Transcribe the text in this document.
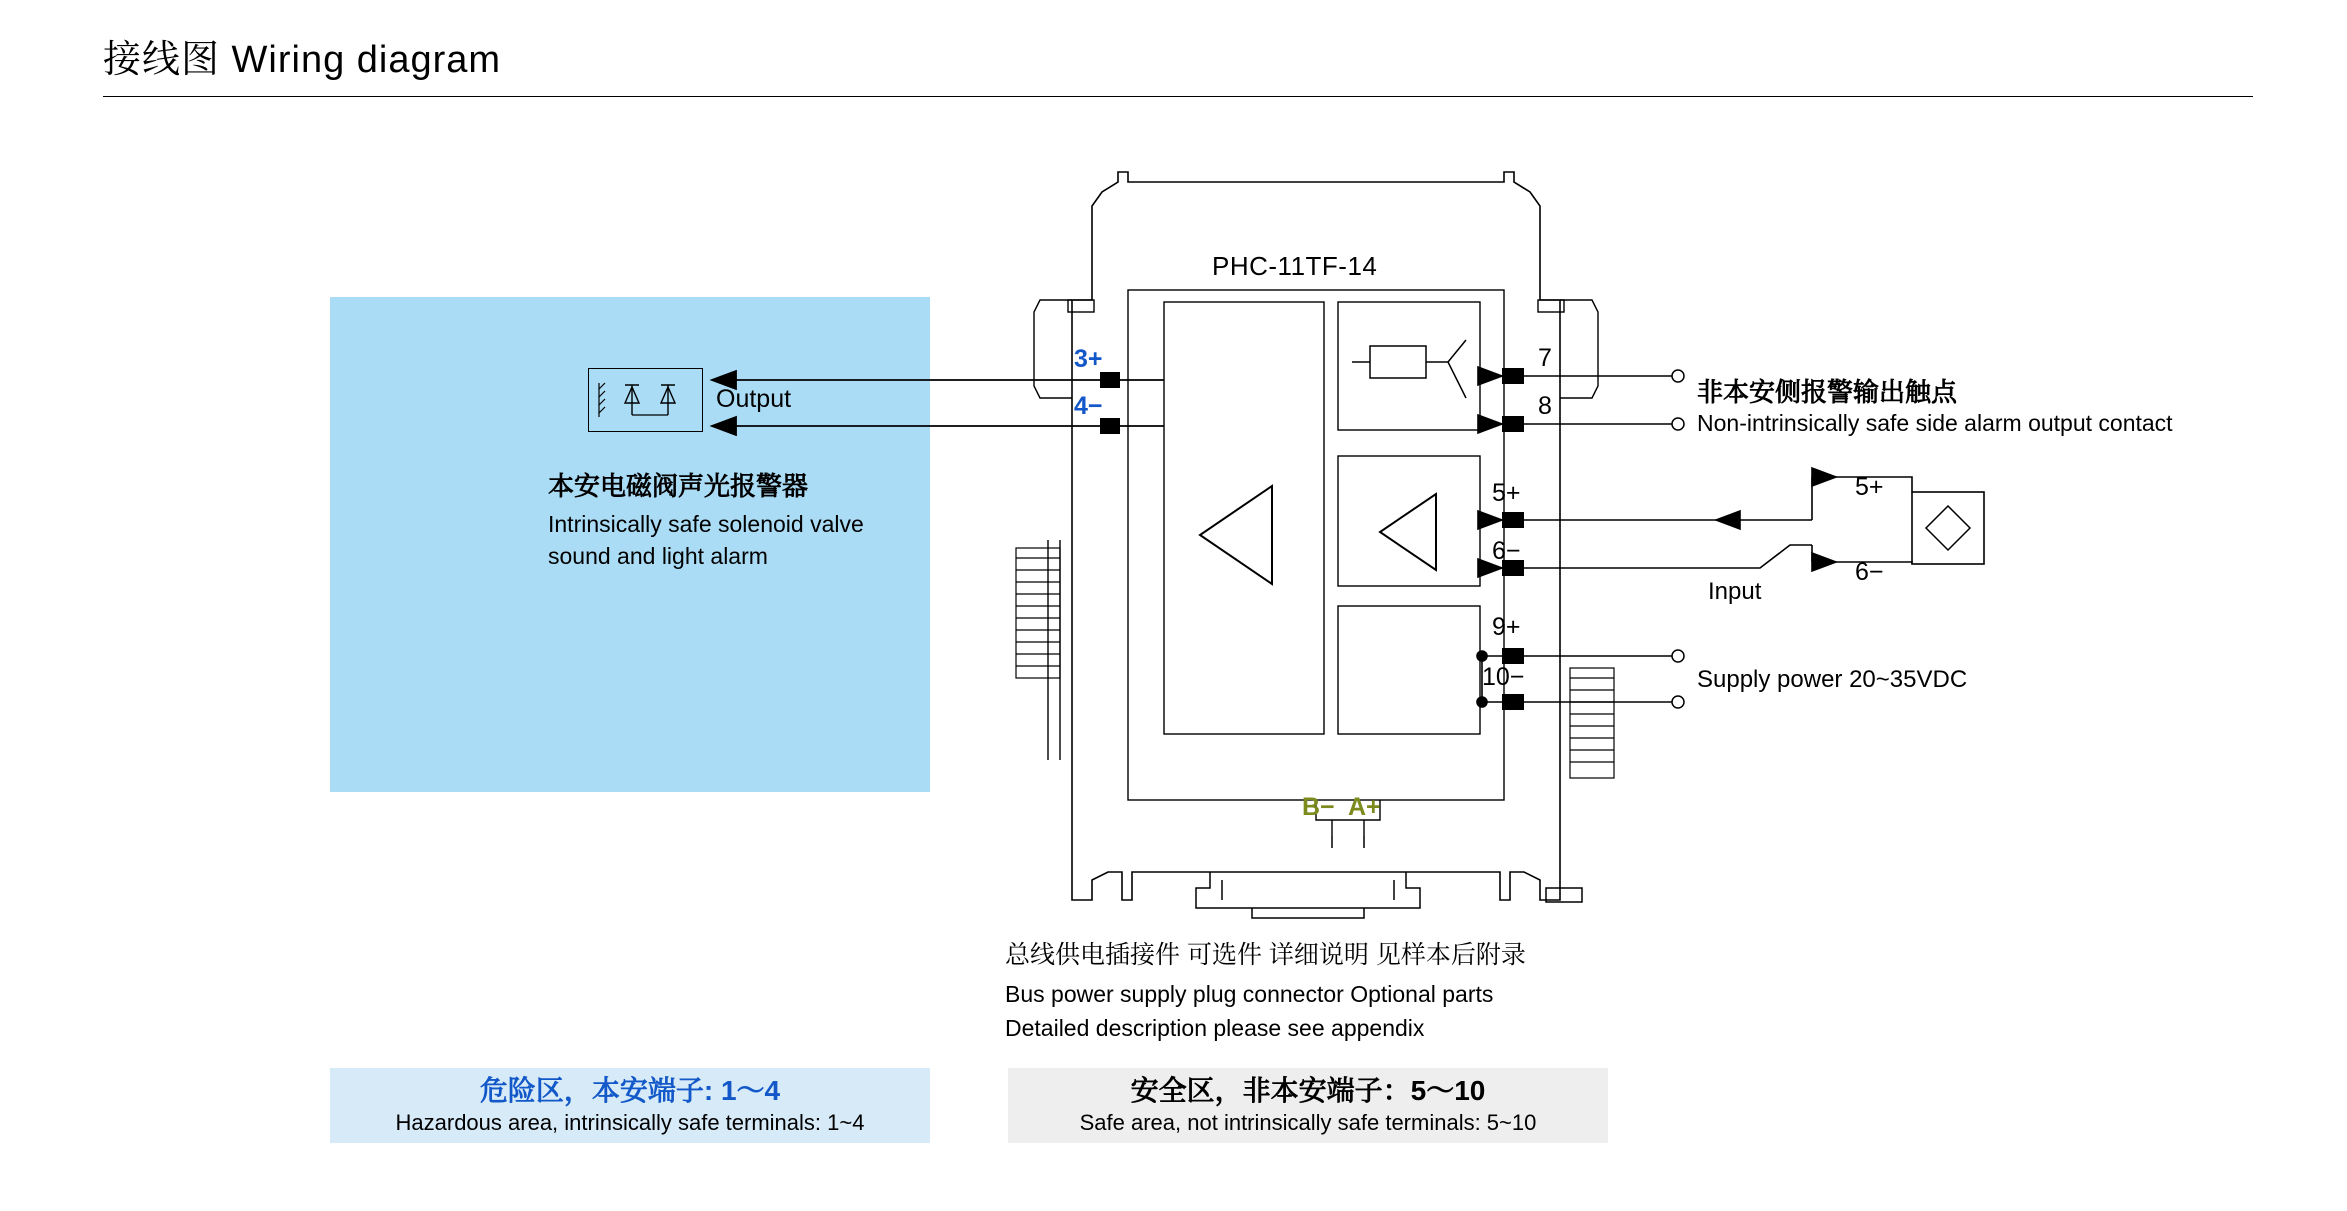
接线图 Wiring diagram
Output
本安电磁阀声光报警器
Intrinsically safe solenoid valve
sound and light alarm
PHC-11TF-14
3+
4−
7
8
5+
6−
9+
10−
B− A+
非本安侧报警输出触点
Non-intrinsically safe side alarm output contact
Input
5+
6−
Supply power 20~35VDC
总线供电插接件 可选件 详细说明 见样本后附录
Bus power supply plug connector Optional parts
Detailed description please see appendix
危险区，本安端子: 1～4
Hazardous area, intrinsically safe terminals: 1~4
安全区，非本安端子：5～10
Safe area, not intrinsically safe terminals: 5~10
